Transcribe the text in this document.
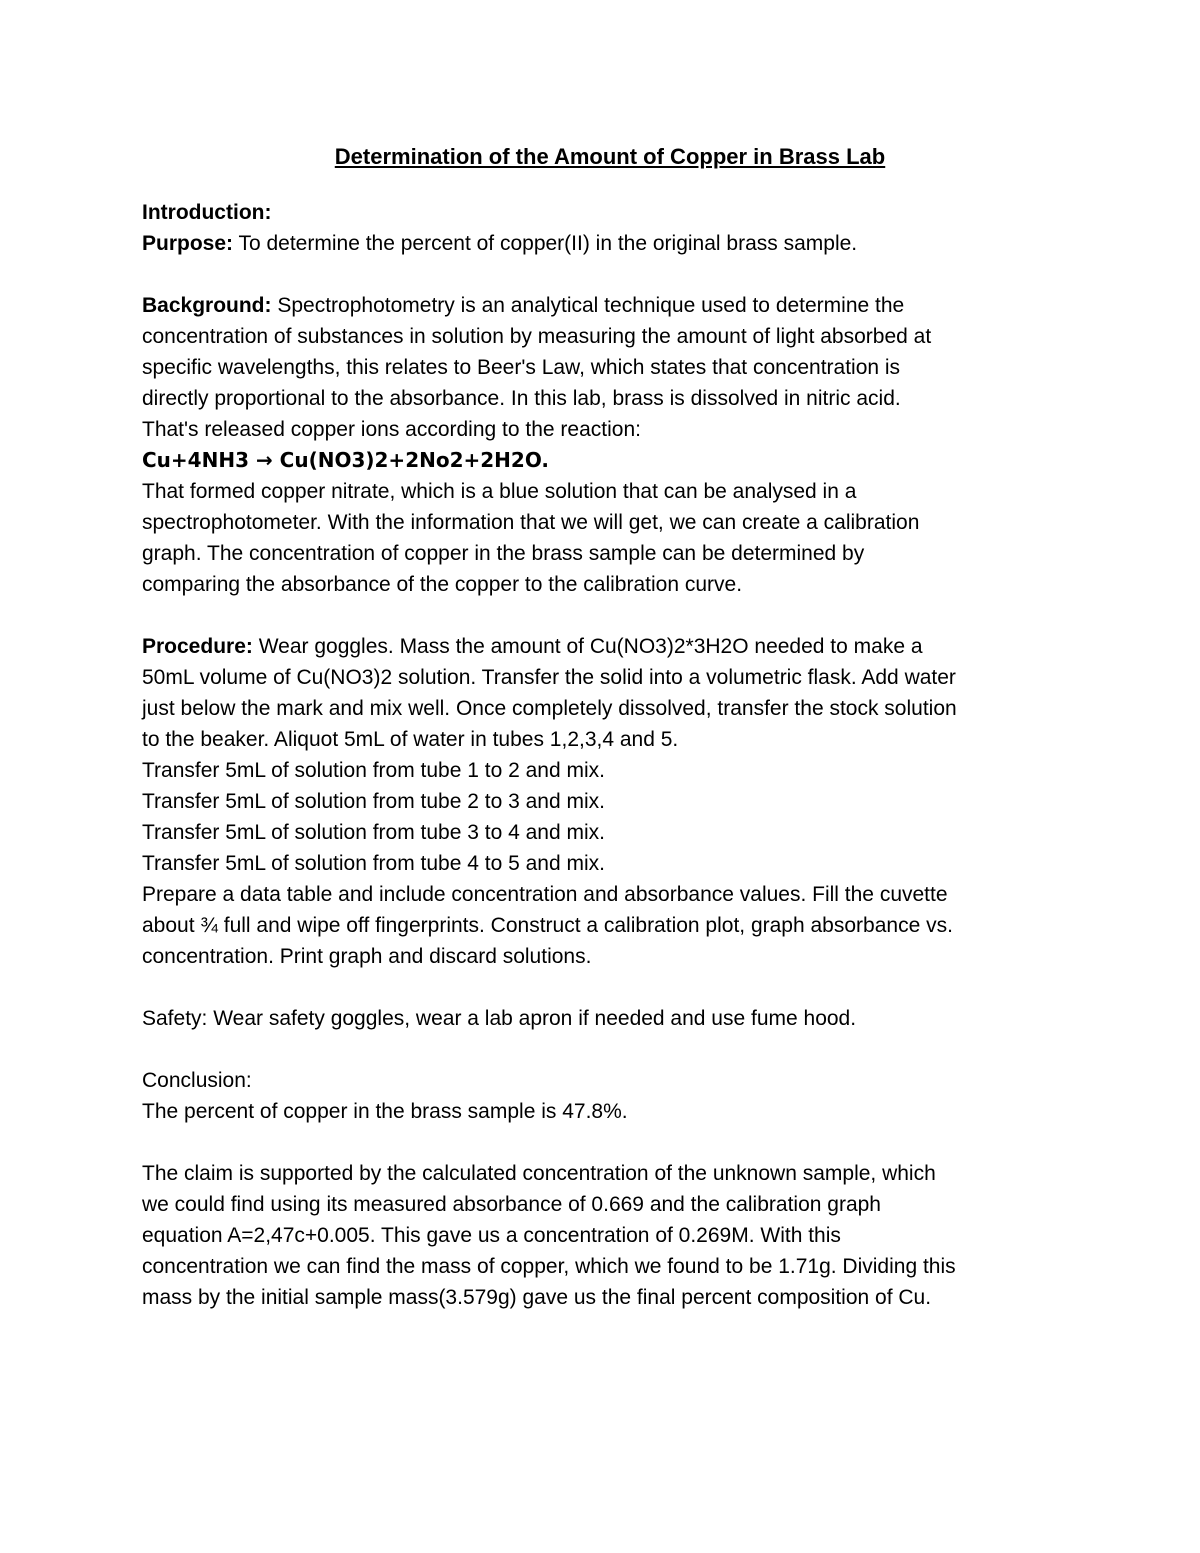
Determination of the Amount of Copper in Brass Lab
Introduction:
Purpose: To determine the percent of copper(II) in the original brass sample.
Background: Spectrophotometry is an analytical technique used to determine the
concentration of substances in solution by measuring the amount of light absorbed at
specific wavelengths, this relates to Beer's Law, which states that concentration is
directly proportional to the absorbance. In this lab, brass is dissolved in nitric acid.
That's released copper ions according to the reaction:
Cu+4NH3 → Cu(NO3)2+2No2+2H2O.
That formed copper nitrate, which is a blue solution that can be analysed in a
spectrophotometer. With the information that we will get, we can create a calibration
graph. The concentration of copper in the brass sample can be determined by
comparing the absorbance of the copper to the calibration curve.
Procedure: Wear goggles. Mass the amount of Cu(NO3)2*3H2O needed to make a
50mL volume of Cu(NO3)2 solution. Transfer the solid into a volumetric flask. Add water
just below the mark and mix well. Once completely dissolved, transfer the stock solution
to the beaker. Aliquot 5mL of water in tubes 1,2,3,4 and 5.
Transfer 5mL of solution from tube 1 to 2 and mix.
Transfer 5mL of solution from tube 2 to 3 and mix.
Transfer 5mL of solution from tube 3 to 4 and mix.
Transfer 5mL of solution from tube 4 to 5 and mix.
Prepare a data table and include concentration and absorbance values. Fill the cuvette
about ¾ full and wipe off fingerprints. Construct a calibration plot, graph absorbance vs.
concentration. Print graph and discard solutions.
Safety: Wear safety goggles, wear a lab apron if needed and use fume hood.
Conclusion:
The percent of copper in the brass sample is 47.8%.
The claim is supported by the calculated concentration of the unknown sample, which
we could find using its measured absorbance of 0.669 and the calibration graph
equation A=2,47c+0.005. This gave us a concentration of 0.269M. With this
concentration we can find the mass of copper, which we found to be 1.71g. Dividing this
mass by the initial sample mass(3.579g) gave us the final percent composition of Cu.
